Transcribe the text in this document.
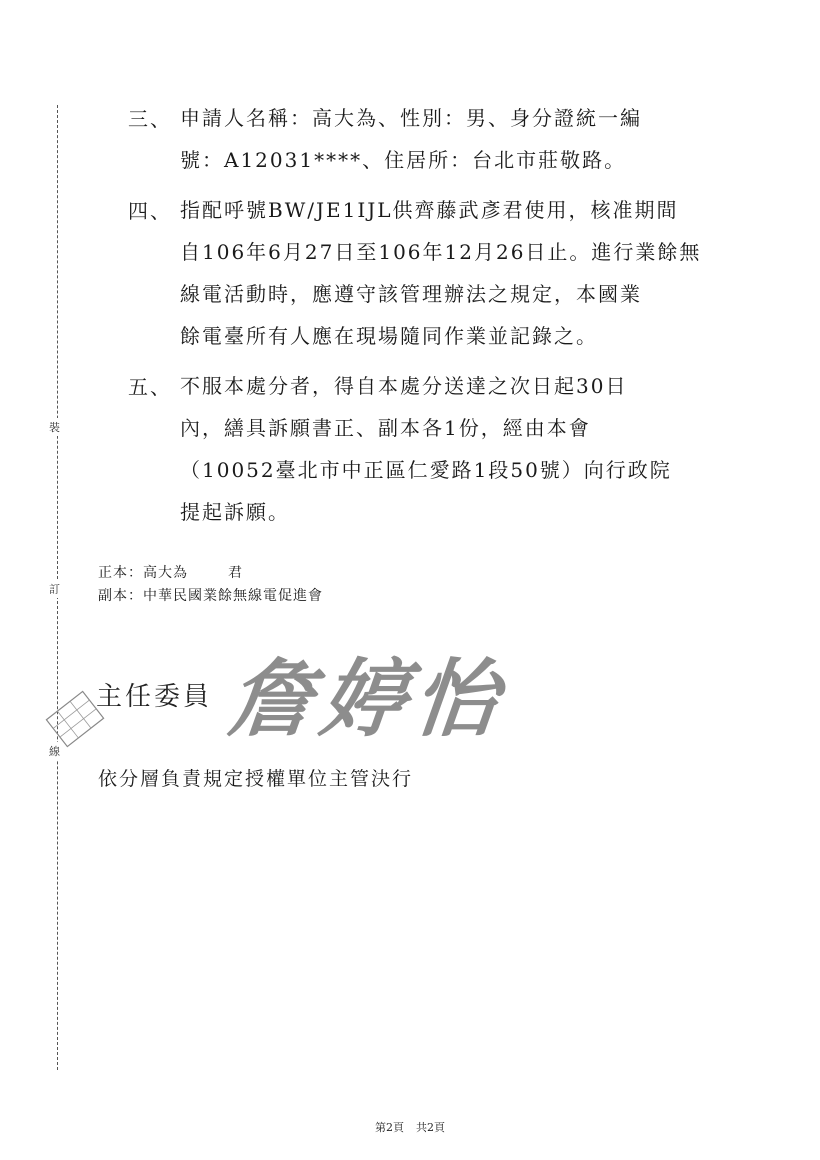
裝
訂
線
三、 申請人名稱：高大為、性別：男、身分證統一編
號：A12031****、住居所：台北市莊敬路。
四、 指配呼號BW/JE1IJL供齊藤武彥君使用，核准期間
自106年6月27日至106年12月26日止。進行業餘無
線電活動時，應遵守該管理辦法之規定，本國業
餘電臺所有人應在現場隨同作業並記錄之。
五、 不服本處分者，得自本處分送達之次日起30日
內，繕具訴願書正、副本各1份，經由本會
（10052臺北市中正區仁愛路1段50號）向行政院
提起訴願。
正本：高大為	君
副本：中華民國業餘無線電促進會
主任委員 詹婷怡
依分層負責規定授權單位主管決行
第2頁 共2頁
